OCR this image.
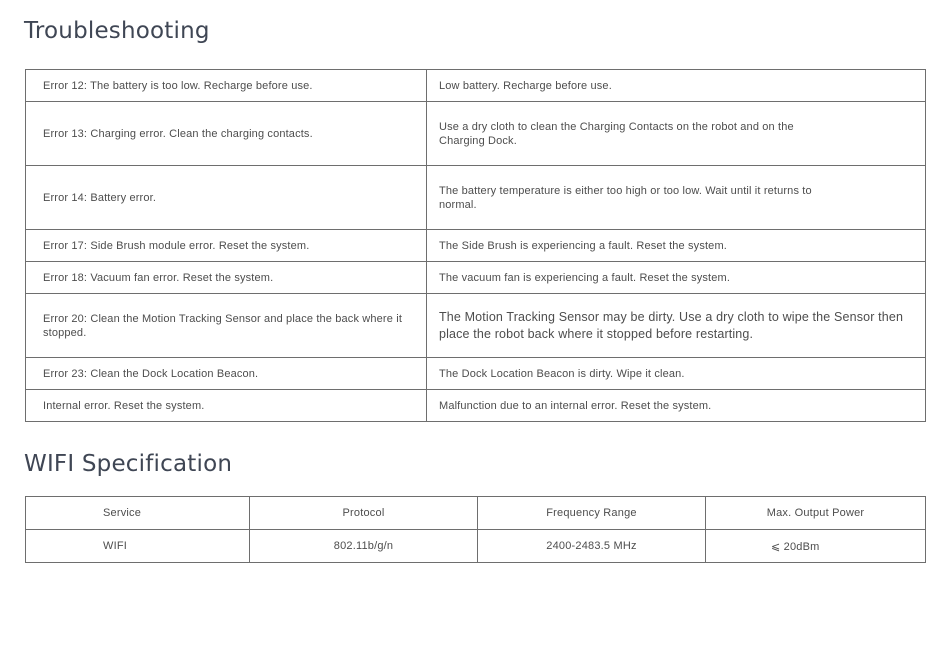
Troubleshooting
Error 12: The battery is too low. Recharge before use.	Low battery. Recharge before use.
Error 13: Charging error. Clean the charging contacts.	Use a dry cloth to clean the Charging Contacts on the robot and on the Charging Dock.
Error 14: Battery error.	The battery temperature is either too high or too low. Wait until it returns to normal.
Error 17: Side Brush module error. Reset the system.	The Side Brush is experiencing a fault. Reset the system.
Error 18: Vacuum fan error. Reset the system.	The vacuum fan is experiencing a fault. Reset the system.
Error 20: Clean the Motion Tracking Sensor and place the back where it stopped.	The Motion Tracking Sensor may be dirty. Use a dry cloth to wipe the Sensor then place the robot back where it stopped before restarting.
Error 23: Clean the Dock Location Beacon.	The Dock Location Beacon is dirty. Wipe it clean.
Internal error. Reset the system.	Malfunction due to an internal error. Reset the system.
WIFI Specification
Service	Protocol	Frequency Range	Max. Output Power
WIFI	802.11b/g/n	2400-2483.5 MHz	⩽ 20dBm
